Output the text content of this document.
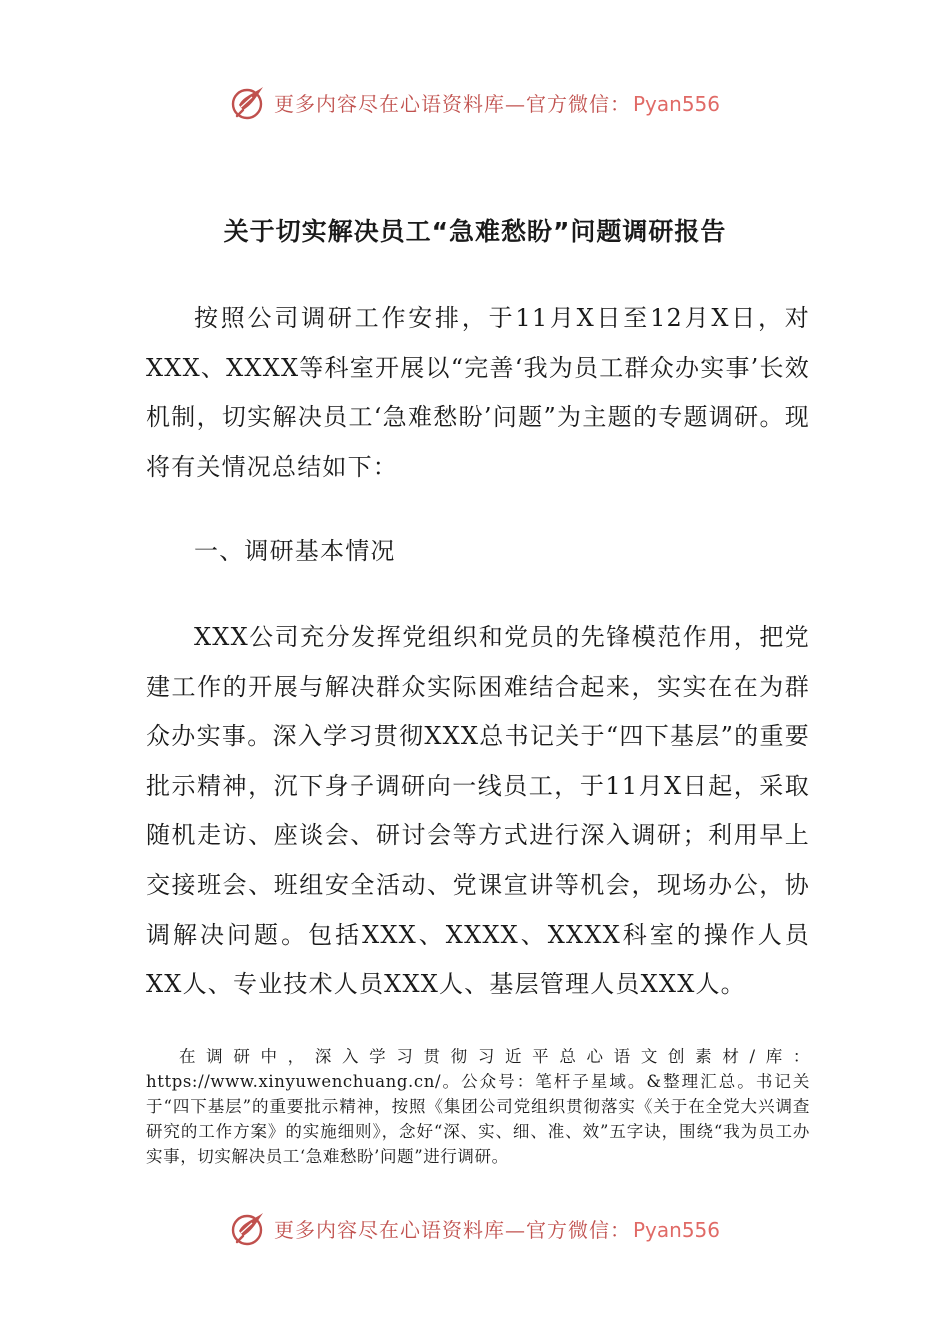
更多内容尽在心语资料库—官方微信： Pyan556
关于切实解决员工“急难愁盼”问题调研报告

按照公司调研工作安排，于11月X日至12月X日，对XXX、XXXX等科室开展以“完善‘我为员工群众办实事’长效机制，切实解决员工‘急难愁盼’问题”为主题的专题调研。现将有关情况总结如下：

一、调研基本情况

XXX公司充分发挥党组织和党员的先锋模范作用，把党建工作的开展与解决群众实际困难结合起来，实实在在为群众办实事。深入学习贯彻XXX总书记关于“四下基层”的重要批示精神，沉下身子调研向一线员工，于11月X日起，采取随机走访、座谈会、研讨会等方式进行深入调研；利用早上交接班会、班组安全活动、党课宣讲等机会，现场办公，协调解决问题。包括XXX、XXXX、XXXX科室的操作人员XX人、专业技术人员XXX人、基层管理人员XXX人。

在调研中，深入学习贯彻习近平总心语文创素材/库：https://www.xinyuwenchuang.cn/。公众号：笔杆子星域。&整理汇总。书记关于“四下基层”的重要批示精神，按照《集团公司党组织贯彻落实《关于在全党大兴调查研究的工作方案》的实施细则》，念好“深、实、细、准、效”五字诀，围绕“我为员工办实事，切实解决员工‘急难愁盼’问题”进行调研。

更多内容尽在心语资料库—官方微信： Pyan556
